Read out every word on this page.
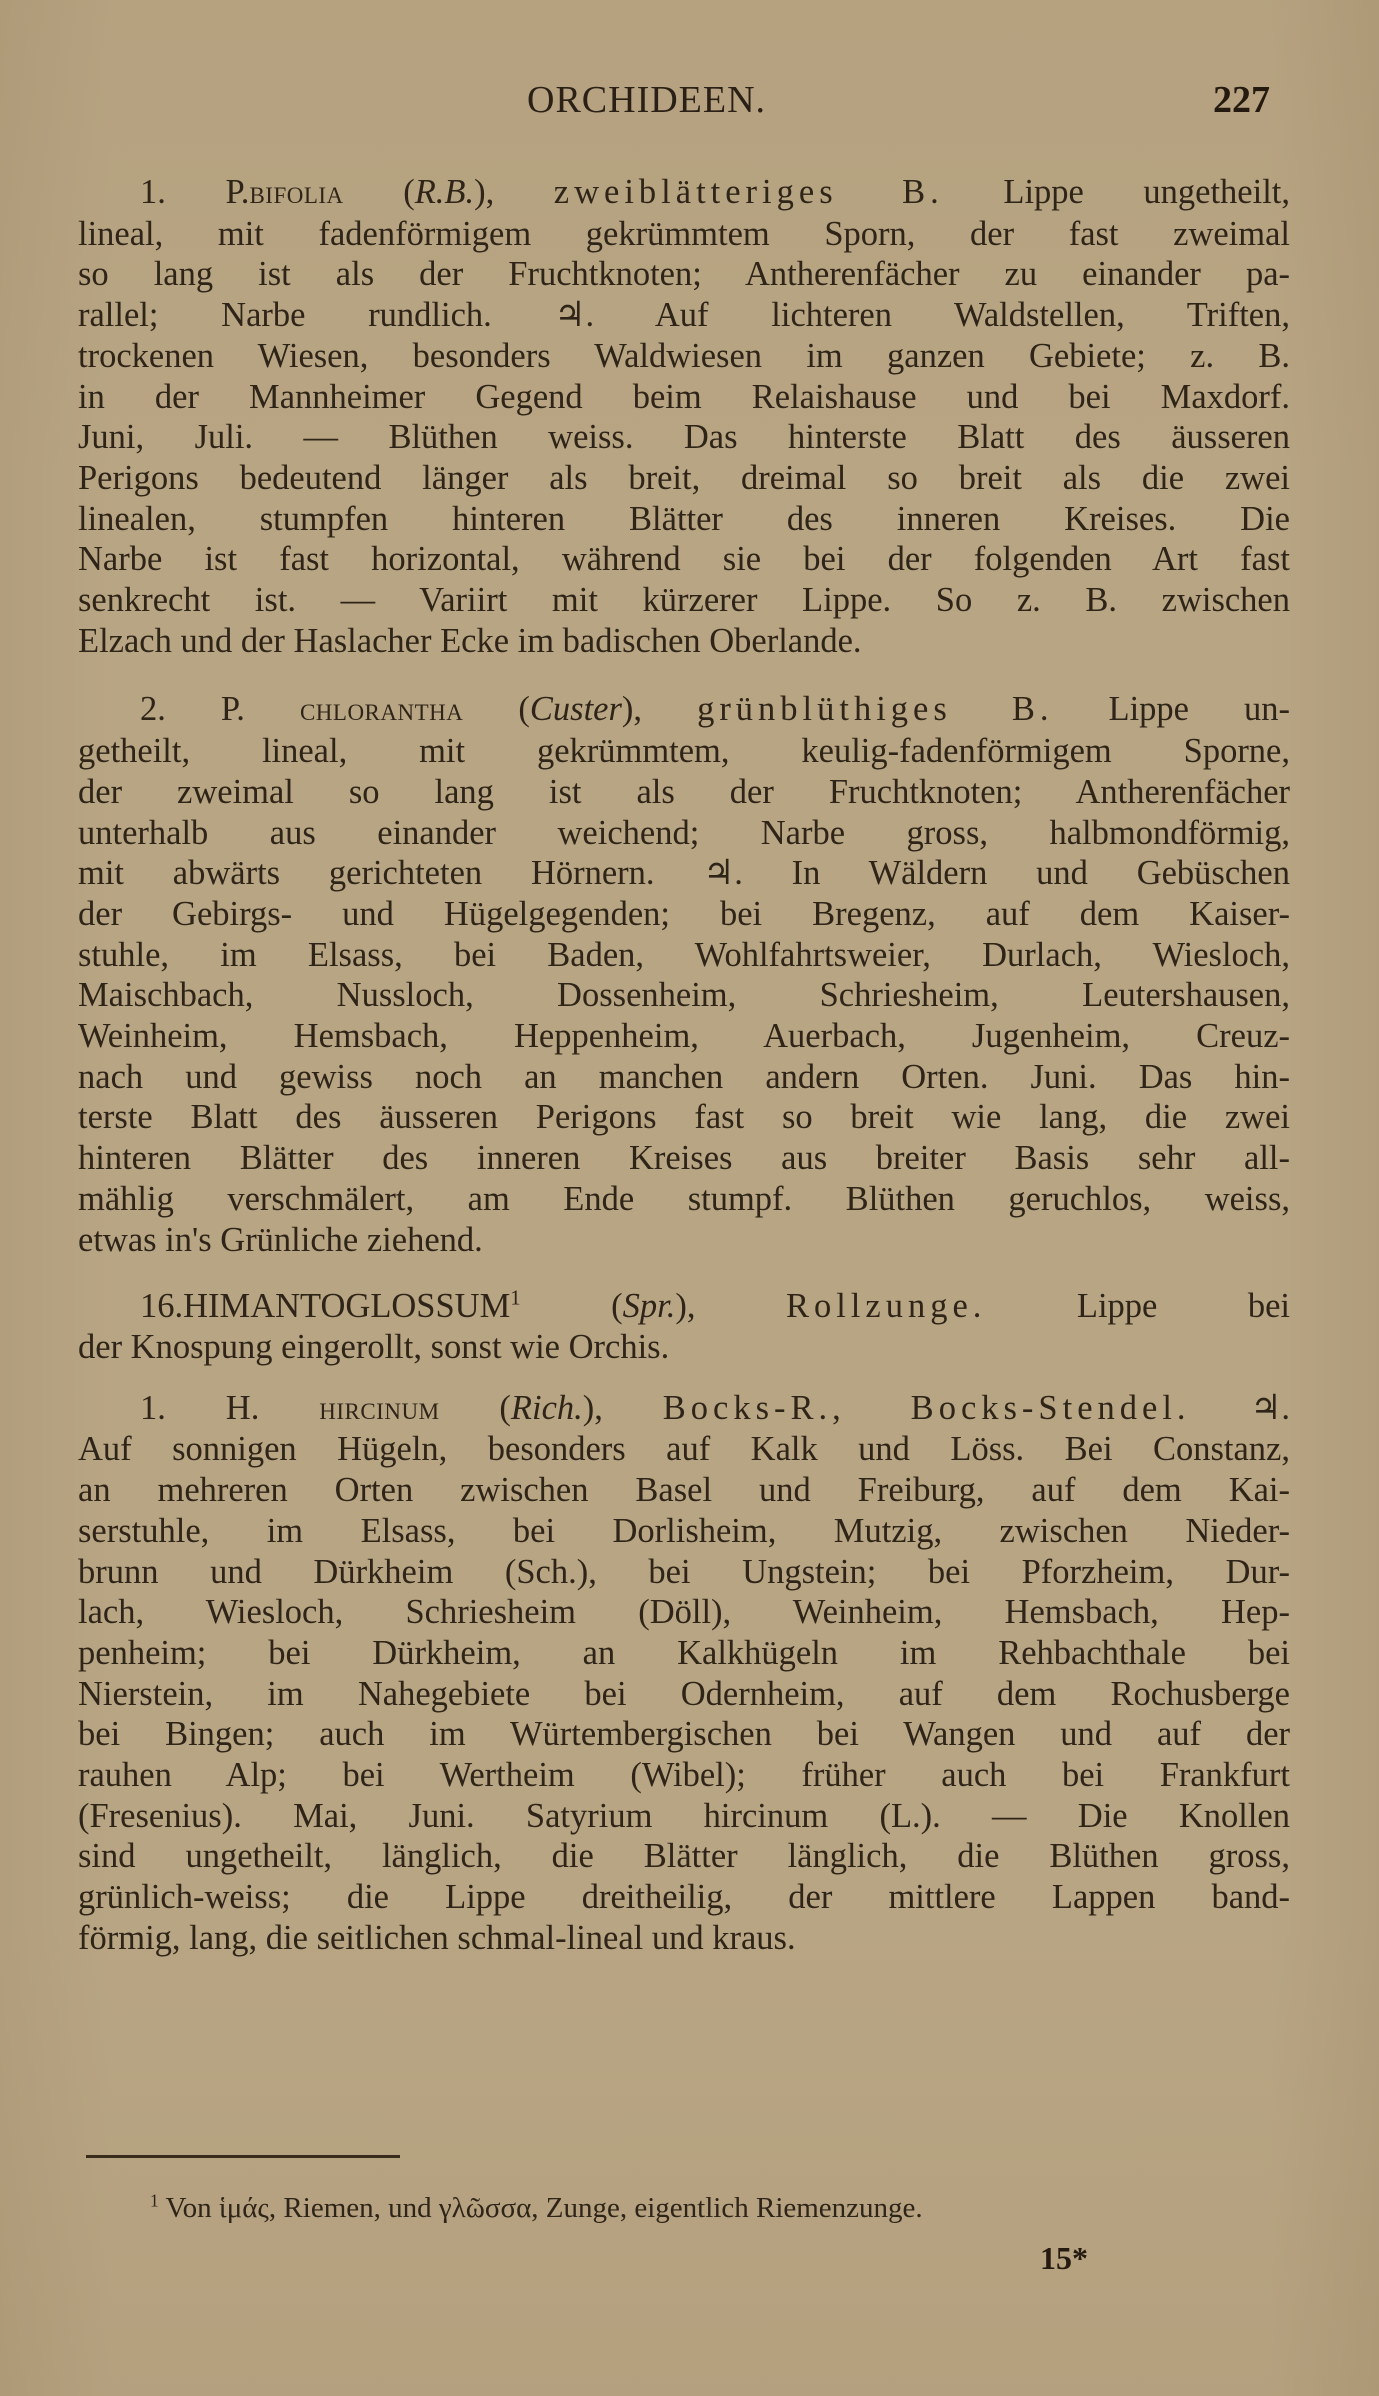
ORCHIDEEN.	227
1. P.bifolia (R.B.), zweiblätteriges B. Lippe ungetheilt,
lineal, mit fadenförmigem gekrümmtem Sporn, der fast zweimal
so lang ist als der Fruchtknoten; Antherenfächer zu einander pa-
rallel; Narbe rundlich. ♃. Auf lichteren Waldstellen, Triften,
trockenen Wiesen, besonders Waldwiesen im ganzen Gebiete; z. B.
in der Mannheimer Gegend beim Relaishause und bei Maxdorf.
Juni, Juli. — Blüthen weiss. Das hinterste Blatt des äusseren
Perigons bedeutend länger als breit, dreimal so breit als die zwei
linealen, stumpfen hinteren Blätter des inneren Kreises. Die
Narbe ist fast horizontal, während sie bei der folgenden Art fast
senkrecht ist. — Variirt mit kürzerer Lippe. So z. B. zwischen
Elzach und der Haslacher Ecke im badischen Oberlande.
2. P. chlorantha (Custer), grünblüthiges B. Lippe un-
getheilt, lineal, mit gekrümmtem, keulig-fadenförmigem Sporne,
der zweimal so lang ist als der Fruchtknoten; Antherenfächer
unterhalb aus einander weichend; Narbe gross, halbmondförmig,
mit abwärts gerichteten Hörnern. ♃. In Wäldern und Gebüschen
der Gebirgs- und Hügelgegenden; bei Bregenz, auf dem Kaiser-
stuhle, im Elsass, bei Baden, Wohlfahrtsweier, Durlach, Wiesloch,
Maischbach, Nussloch, Dossenheim, Schriesheim, Leutershausen,
Weinheim, Hemsbach, Heppenheim, Auerbach, Jugenheim, Creuz-
nach und gewiss noch an manchen andern Orten. Juni. Das hin-
terste Blatt des äusseren Perigons fast so breit wie lang, die zwei
hinteren Blätter des inneren Kreises aus breiter Basis sehr all-
mählig verschmälert, am Ende stumpf. Blüthen geruchlos, weiss,
etwas in's Grünliche ziehend.
16.HIMANTOGLOSSUM$^1$ (Spr.), Rollzunge.	Lippe bei
der Knospung eingerollt, sonst wie Orchis.
1. H. hircinum (Rich.), Bocks-R., Bocks-Stendel. ♃.
Auf sonnigen Hügeln, besonders auf Kalk und Löss. Bei Constanz,
an mehreren Orten zwischen Basel und Freiburg, auf dem Kai-
serstuhle, im Elsass, bei Dorlisheim, Mutzig, zwischen Nieder-
brunn und Dürkheim (Sch.), bei Ungstein; bei Pforzheim, Dur-
lach, Wiesloch, Schriesheim (Döll), Weinheim, Hemsbach, Hep-
penheim; bei Dürkheim, an Kalkhügeln im Rehbachthale bei
Nierstein, im Nahegebiete bei Odernheim, auf dem Rochusberge
bei Bingen; auch im Würtembergischen bei Wangen und auf der
rauhen Alp; bei Wertheim (Wibel); früher auch bei Frankfurt
(Fresenius). Mai, Juni. Satyrium hircinum (L.). — Die Knollen
sind ungetheilt, länglich, die Blätter länglich, die Blüthen gross,
grünlich-weiss; die Lippe dreitheilig, der mittlere Lappen band-
förmig, lang, die seitlichen schmal-lineal und kraus.
$^1$ Von ἱμάς, Riemen, und γλῶσσα, Zunge, eigentlich Riemenzunge.
15*
